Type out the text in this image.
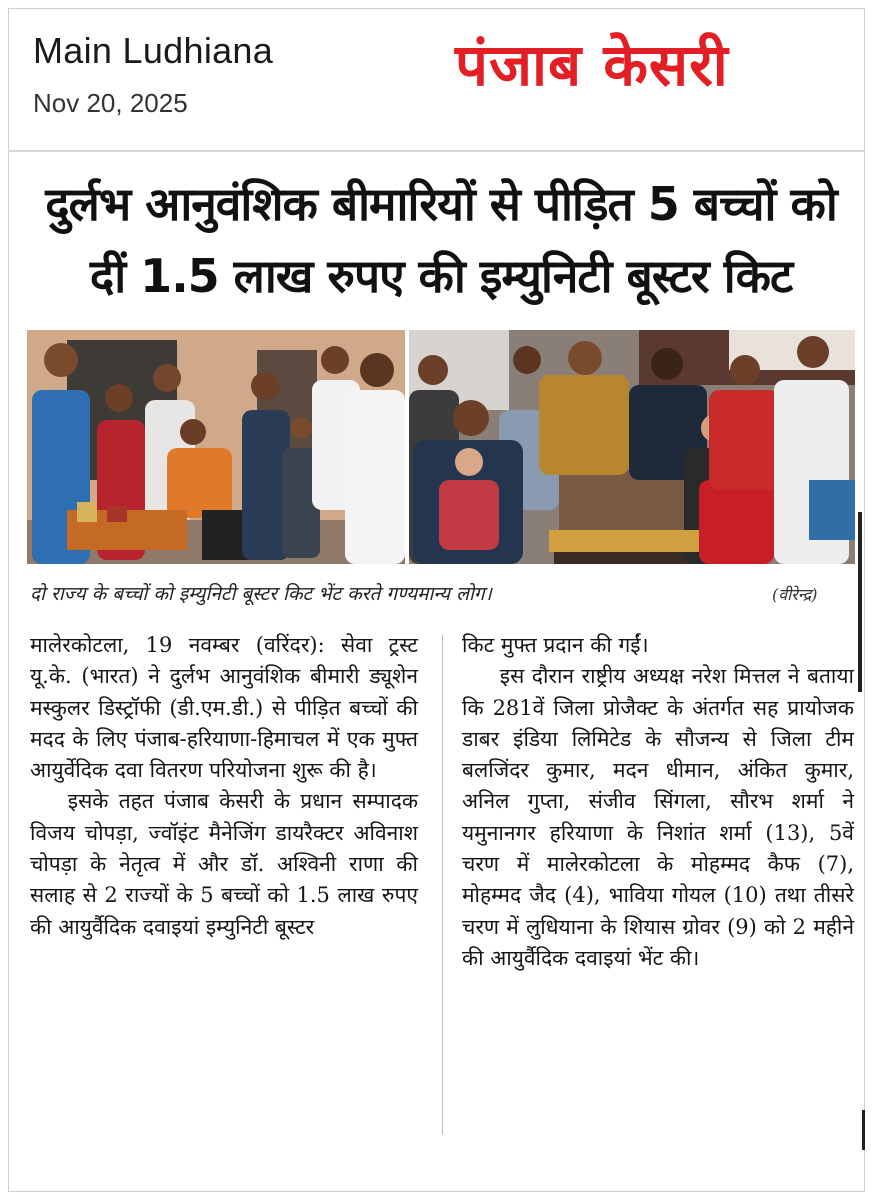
Main Ludhiana
Nov 20, 2025
पंजाब केसरी
दुर्लभ आनुवंशिक बीमारियों से पीड़ित 5 बच्चों को
दीं 1.5 लाख रुपए की इम्युनिटी बूस्टर किट
दो राज्य के बच्चों को इम्युनिटी बूस्टर किट भेंट करते गण्यमान्य लोग।	(वीरेन्द्र)

मालेरकोटला, 19 नवम्बर (वरिंदर): सेवा ट्रस्ट यू.के. (भारत) ने दुर्लभ आनुवंशिक बीमारी ड्यूशेन मस्कुलर डिस्ट्रॉफी (डी.एम.डी.) से पीड़ित बच्चों की मदद के लिए पंजाब-हरियाणा-हिमाचल में एक मुफ्त आयुर्वेदिक दवा वितरण परियोजना शुरू की है।

इसके तहत पंजाब केसरी के प्रधान सम्पादक विजय चोपड़ा, ज्वॉइंट मैनेजिंग डायरैक्टर अविनाश चोपड़ा के नेतृत्व में और डॉ. अश्विनी राणा की सलाह से 2 राज्यों के 5 बच्चों को 1.5 लाख रुपए की आयुर्वैदिक दवाइयां इम्युनिटी बूस्टर

किट मुफ्त प्रदान की गईं।

इस दौरान राष्ट्रीय अध्यक्ष नरेश मित्तल ने बताया कि 281वें जिला प्रोजैक्ट के अंतर्गत सह प्रायोजक डाबर इंडिया लिमिटेड के सौजन्य से जिला टीम बलजिंदर कुमार, मदन धीमान, अंकित कुमार, अनिल गुप्ता, संजीव सिंगला, सौरभ शर्मा ने यमुनानगर हरियाणा के निशांत शर्मा (13), 5वें चरण में मालेरकोटला के मोहम्मद कैफ (7), मोहम्मद जैद (4), भाविया गोयल (10) तथा तीसरे चरण में लुधियाना के शियास ग्रोवर (9) को 2 महीने की आयुर्वैदिक दवाइयां भेंट की।
